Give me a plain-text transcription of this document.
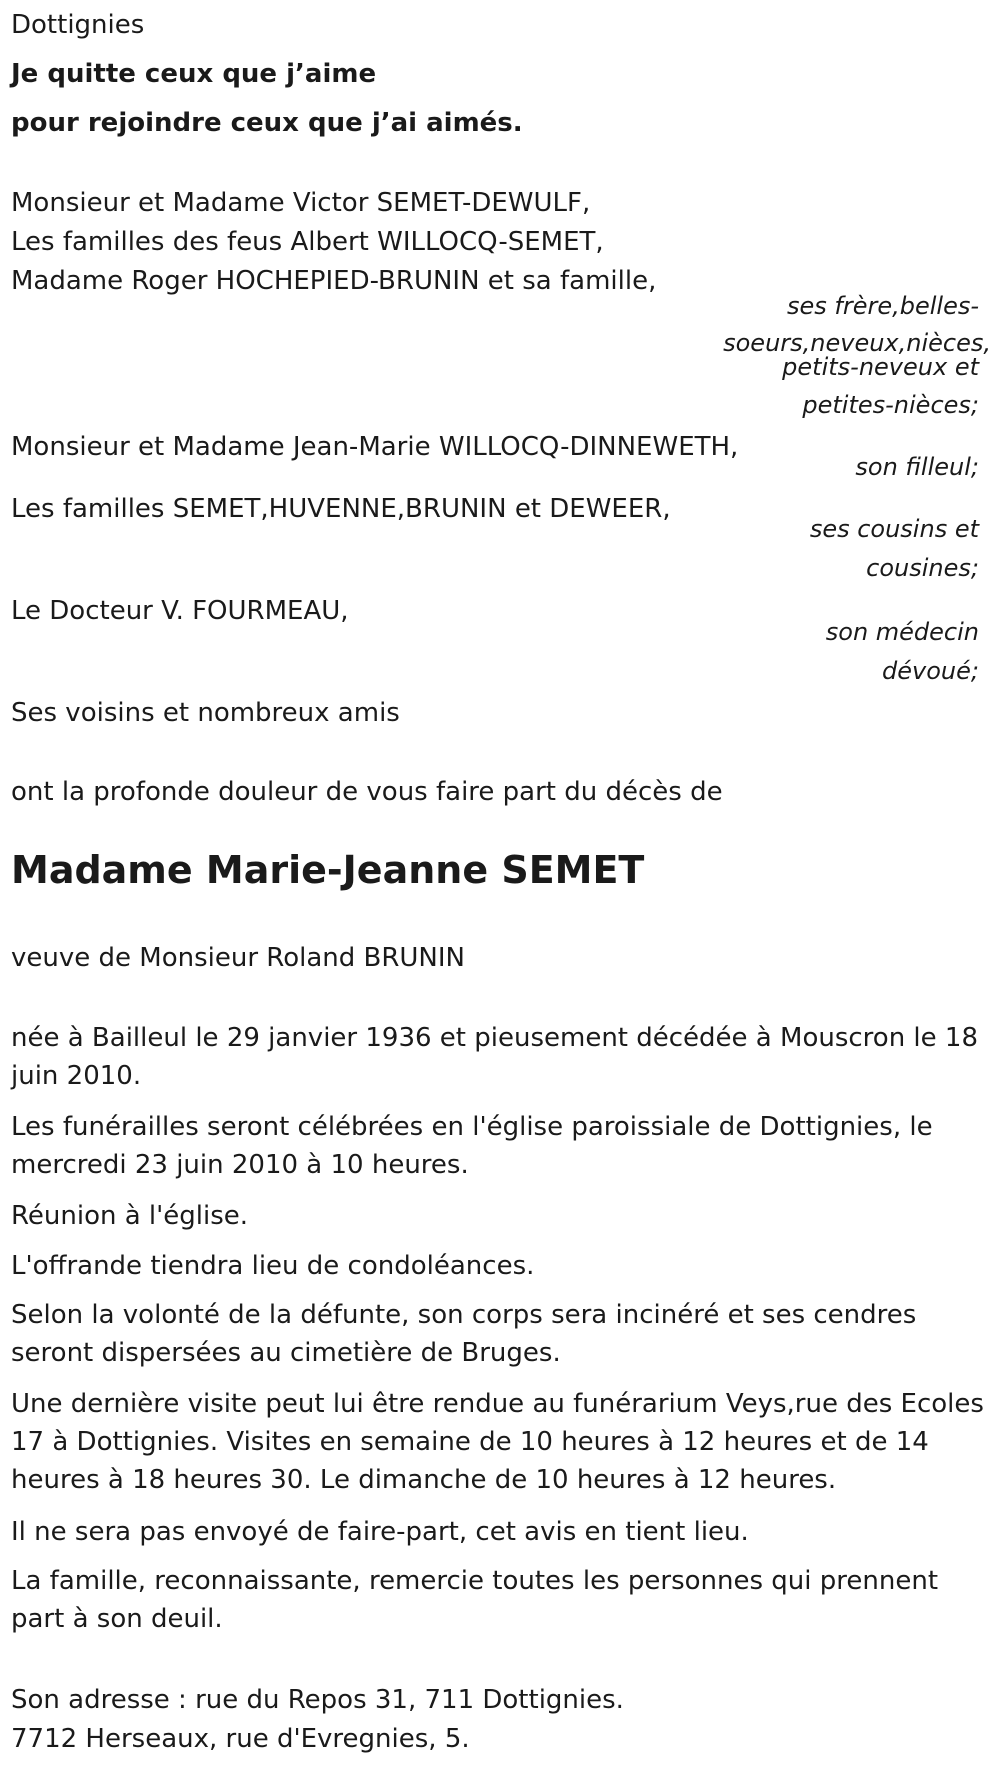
Dottignies
Je quitte ceux que j’aime
pour rejoindre ceux que j’ai aimés.
Monsieur et Madame Victor SEMET-DEWULF,
Les familles des feus Albert WILLOCQ-SEMET,
Madame Roger HOCHEPIED-BRUNIN et sa famille,
ses frère,belles-
soeurs,neveux,nièces,
petits-neveux et
petites-nièces;
Monsieur et Madame Jean-Marie WILLOCQ-DINNEWETH,
son filleul;
Les familles SEMET,HUVENNE,BRUNIN et DEWEER,
ses cousins et
cousines;
Le Docteur V. FOURMEAU,
son médecin
dévoué;
Ses voisins et nombreux amis
ont la profonde douleur de vous faire part du décès de
Madame Marie-Jeanne SEMET
veuve de Monsieur Roland BRUNIN
née à Bailleul le 29 janvier 1936 et pieusement décédée à Mouscron le 18 juin 2010.
Les funérailles seront célébrées en l'église paroissiale de Dottignies, le mercredi 23 juin 2010 à 10 heures.
Réunion à l'église.
L'offrande tiendra lieu de condoléances.
Selon la volonté de la défunte, son corps sera inciné​ré et ses cendres seront dispersées au cimetière de Bruges.
Une dernière visite peut lui être rendue au funérarium Veys,rue des Ecoles 17 à Dottignies. Visites en semaine de 10 heures à 12 heures et de 14 heures à 18 heures 30. Le dimanche de 10 heures à 12 heures.
Il ne sera pas envoyé de faire-part, cet avis en tient lieu.
La famille, reconnaissante, remercie toutes les personnes qui prennent part à son deuil.
Son adresse : rue du Repos 31, 711 Dottignies.
7712 Herseaux, rue d'Evregnies, 5.
